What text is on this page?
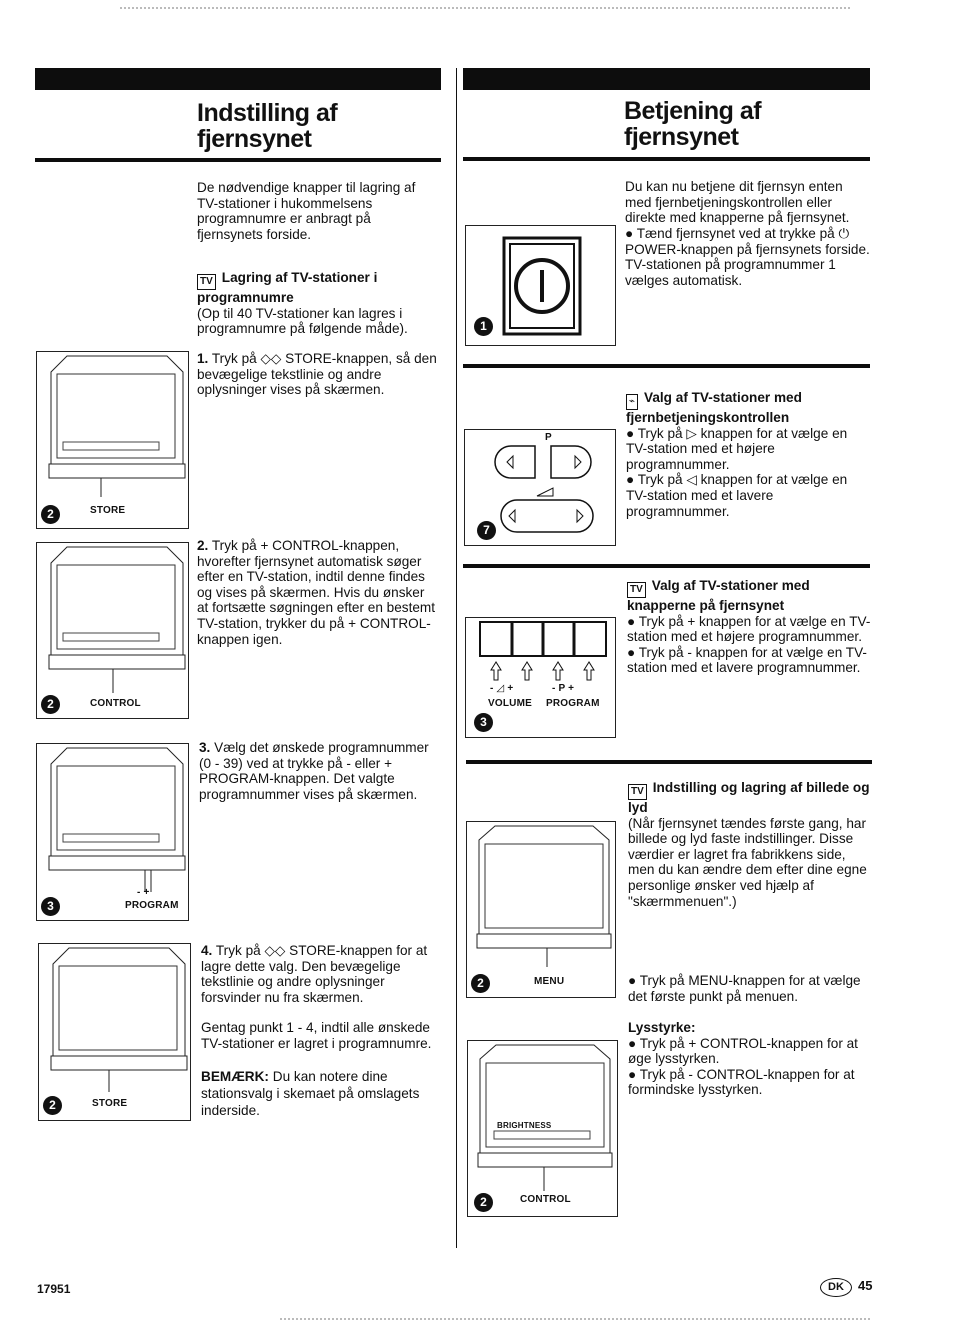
Indstilling af
fjernsynet
De nødvendige knapper til lagring af TV-stationer i hukommelsens programnumre er anbragt på fjernsynets forside.
TV Lagring af TV-stationer i programnumre
(Op til 40 TV-stationer kan lagres i programnumre på følgende måde).
2	STORE
1. Tryk på ◇◇ STORE-knappen, så den bevægelige tekstlinie og andre oplysninger vises på skærmen.
2	CONTROL
2. Tryk på + CONTROL-knappen, hvorefter fjernsynet automatisk søger efter en TV-station, indtil denne findes og vises på skærmen. Hvis du ønsker at fortsætte søgningen efter en bestemt TV-station, trykker du på + CONTROL-knappen igen.
3
- +
PROGRAM
3. Vælg det ønskede programnummer (0 - 39) ved at trykke på - eller + PROGRAM-knappen. Det valgte programnummer vises på skærmen.
2	STORE
4. Tryk på ◇◇ STORE-knappen for at lagre dette valg. Den bevægelige tekstlinie og andre oplysninger forsvinder nu fra skærmen.
Gentag punkt 1 - 4, indtil alle ønskede TV-stationer er lagret i programnumre.
BEMÆRK: Du kan notere dine stationsvalg i skemaet på omslagets inderside.
Betjening af
fjernsynet
Du kan nu betjene dit fjernsyn enten med fjernbetjeningskontrollen eller direkte med knapperne på fjernsynet.
● Tænd fjernsynet ved at trykke på ⏻ POWER-knappen på fjernsynets forside. TV-stationen på programnummer 1 vælges automatisk.
1
⌁ Valg af TV-stationer med fjernbetjeningskontrollen
● Tryk på ▷ knappen for at vælge en TV-station med et højere programnummer.
● Tryk på ◁ knappen for at vælge en TV-station med et lavere programnummer.
P
7
TV Valg af TV-stationer med knapperne på fjernsynet
● Tryk på + knappen for at vælge en TV-station med et højere programnummer.
● Tryk på - knappen for at vælge en TV-station med et lavere programnummer.
- ◿ +	- P +
VOLUME PROGRAM
3
TV Indstilling og lagring af billede og lyd
(Når fjernsynet tændes første gang, har billede og lyd faste indstillinger. Disse værdier er lagret fra fabrikkens side, men du kan ændre dem efter dine egne personlige ønsker ved hjælp af "skærmmenuen".)
2	MENU	● Tryk på MENU-knappen for at vælge det første punkt på menuen.
Lysstyrke:
● Tryk på + CONTROL-knappen for at øge lysstyrken.
● Tryk på - CONTROL-knappen for at formindske lysstyrken.
BRIGHTNESS
2	CONTROL
17951	DK	45
